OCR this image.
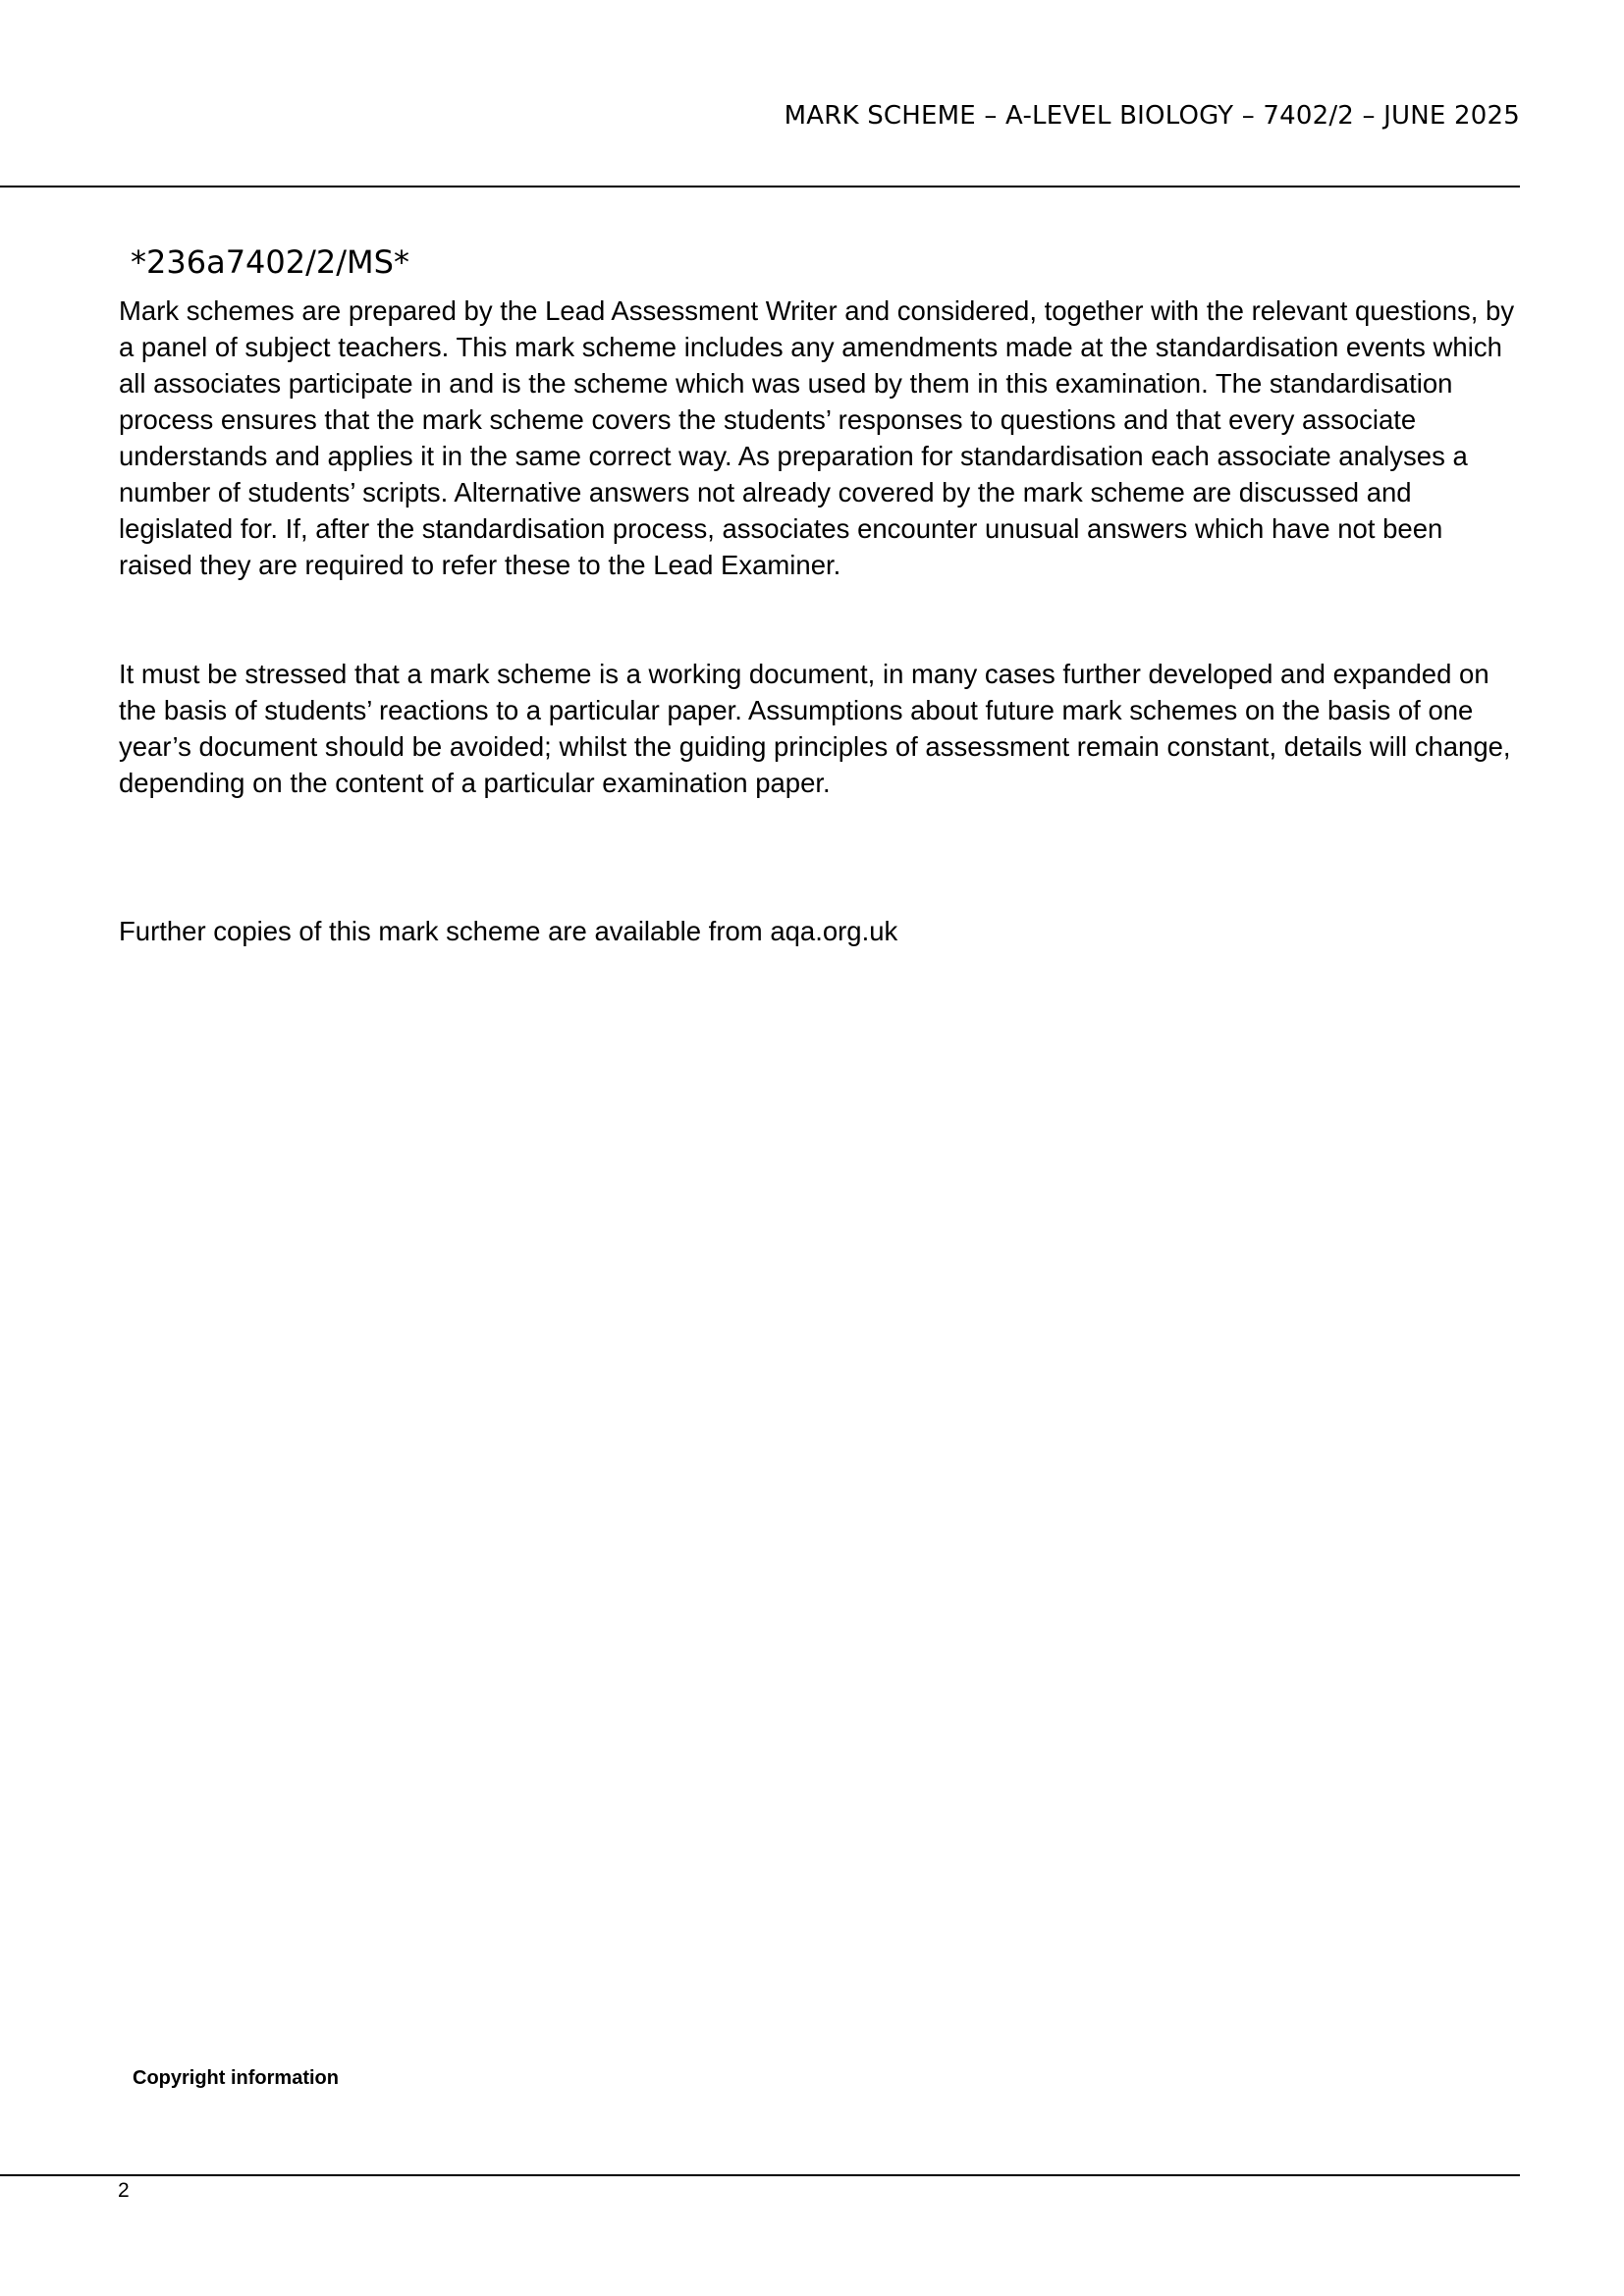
MARK SCHEME – A-LEVEL BIOLOGY – 7402/2 – JUNE 2025
*236a7402/2/MS*

Mark schemes are prepared by the Lead Assessment Writer and considered, together with the relevant questions, by a panel of subject teachers. This mark scheme includes any amendments made at the standardisation events which all associates participate in and is the scheme which was used by them in this examination. The standardisation process ensures that the mark scheme covers the students’ responses to questions and that every associate understands and applies it in the same correct way. As preparation for standardisation each associate analyses a number of students’ scripts. Alternative answers not already covered by the mark scheme are discussed and legislated for. If, after the standardisation process, associates encounter unusual answers which have not been raised they are required to refer these to the Lead Examiner.

It must be stressed that a mark scheme is a working document, in many cases further developed and expanded on the basis of students’ reactions to a particular paper. Assumptions about future mark schemes on the basis of one year’s document should be avoided; whilst the guiding principles of assessment remain constant, details will change, depending on the content of a particular examination paper.

Further copies of this mark scheme are available from aqa.org.uk

Copyright information
2
